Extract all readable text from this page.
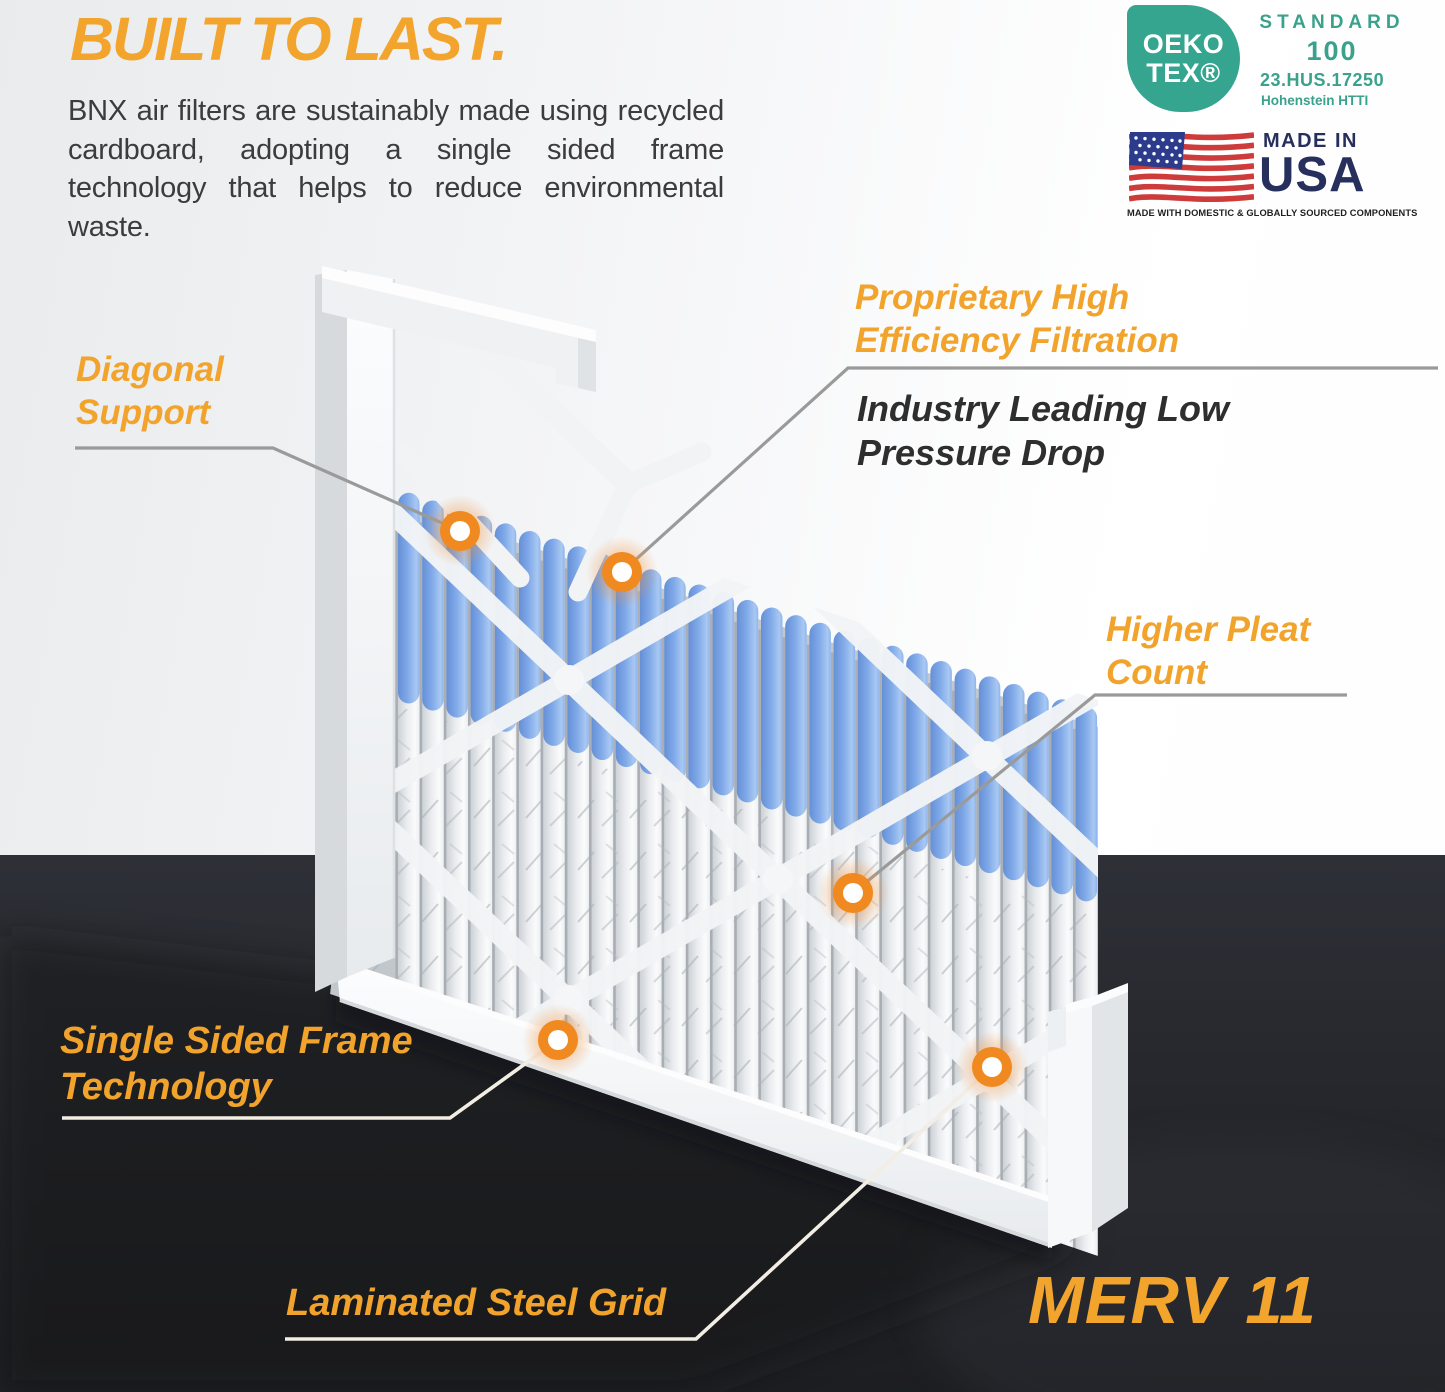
BUILT TO LAST.
BNX air filters are sustainably made using recycled cardboard, adopting a single sided frame technology that helps to reduce environmental waste.
OEKO
TEX®
STANDARD
100
23.HUS.17250
Hohenstein HTTI
MADE IN
USA
MADE WITH DOMESTIC & GLOBALLY SOURCED COMPONENTS
Diagonal Support
Proprietary High Efficiency Filtration
Industry Leading Low Pressure Drop
Higher Pleat Count
Single Sided Frame Technology
Laminated Steel Grid	MERV 11
